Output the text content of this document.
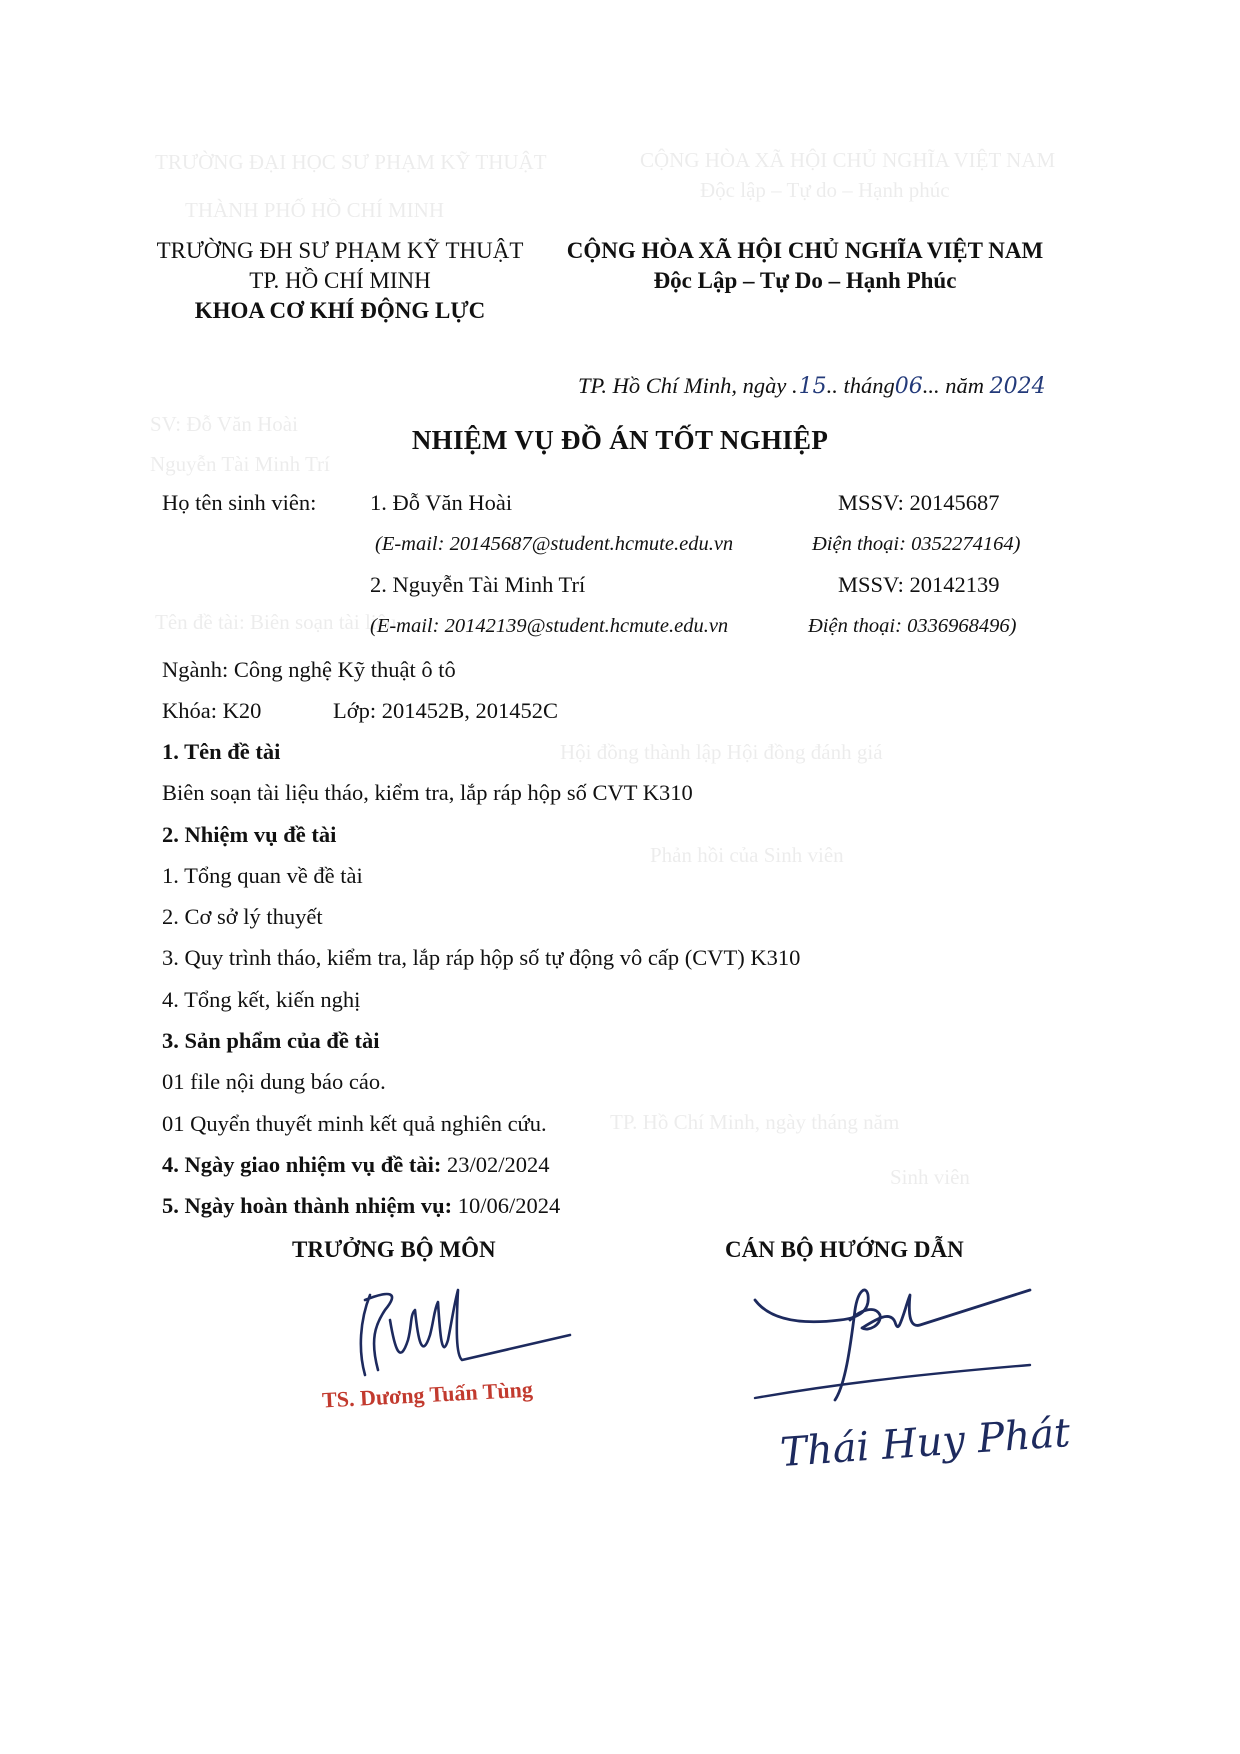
TRƯỜNG ĐẠI HỌC SƯ PHẠM KỸ THUẬT	CỘNG HÒA XÃ HỘI CHỦ NGHĨA VIỆT NAM
THÀNH PHỐ HỒ CHÍ MINH
Độc lập – Tự do – Hạnh phúc
SV: Đỗ Văn Hoài
Nguyễn Tài Minh Trí
Tên đề tài: Biên soạn tài liệu
Hội đồng thành lập Hội đồng đánh giá
Phản hồi của Sinh viên
TP. Hồ Chí Minh, ngày tháng năm
Sinh viên
TRƯỜNG ĐH SƯ PHẠM KỸ THUẬT
TP. HỒ CHÍ MINH
KHOA CƠ KHÍ ĐỘNG LỰC
CỘNG HÒA XÃ HỘI CHỦ NGHĨA VIỆT NAM
Độc Lập – Tự Do – Hạnh Phúc
TP. Hồ Chí Minh, ngày .15.. tháng06... năm 2024
NHIỆM VỤ ĐỒ ÁN TỐT NGHIỆP
Họ tên sinh viên: 1. Đỗ Văn Hoài	MSSV: 20145687
(E-mail: 20145687@student.hcmute.edu.vn	Điện thoại: 0352274164)
2. Nguyễn Tài Minh Trí	MSSV: 20142139
(E-mail: 20142139@student.hcmute.edu.vn	Điện thoại: 0336968496)
Ngành: Công nghệ Kỹ thuật ô tô
Khóa: K20	Lớp: 201452B, 201452C
1. Tên đề tài
Biên soạn tài liệu tháo, kiểm tra, lắp ráp hộp số CVT K310
2. Nhiệm vụ đề tài
1. Tổng quan về đề tài
2. Cơ sở lý thuyết
3. Quy trình tháo, kiểm tra, lắp ráp hộp số tự động vô cấp (CVT) K310
4. Tổng kết, kiến nghị
3. Sản phẩm của đề tài
01 file nội dung báo cáo.
01 Quyển thuyết minh kết quả nghiên cứu.
4. Ngày giao nhiệm vụ đề tài: 23/02/2024
5. Ngày hoàn thành nhiệm vụ: 10/06/2024
TRƯỞNG BỘ MÔN	CÁN BỘ HƯỚNG DẪN
TS. Dương Tuấn Tùng
Thái Huy Phát
